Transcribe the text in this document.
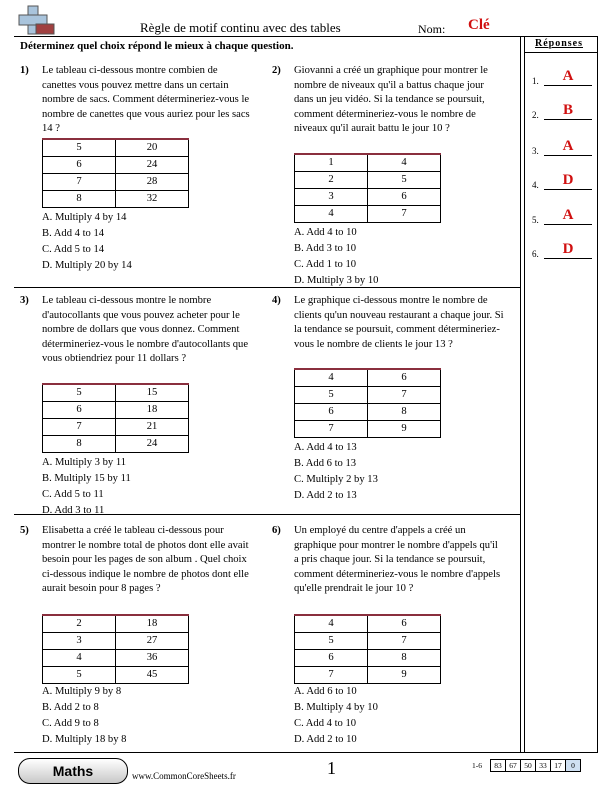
Règle de motif continu avec des tables	Nom: Clé
Déterminez quel choix répond le mieux à chaque question.	Réponses
1.	A
2.	B
3.	A
4.	D
5.	A
6.	D
1) Le tableau ci-dessous montre combien de canettes vous pouvez mettre dans un certain nombre de sacs. Comment détermineriez-vous le nombre de canettes que vous auriez pour les sacs 14 ?
5	20
6	24
7	28
8	32
A. Multiply 4 by 14
B. Add 4 to 14
C. Add 5 to 14
D. Multiply 20 by 14
2) Giovanni a créé un graphique pour montrer le nombre de niveaux qu'il a battus chaque jour dans un jeu vidéo. Si la tendance se poursuit, comment détermineriez-vous le nombre de niveaux qu'il aurait battu le jour 10 ?
1	4
2	5
3	6
4	7
A. Add 4 to 10
B. Add 3 to 10
C. Add 1 to 10
D. Multiply 3 by 10
3) Le tableau ci-dessous montre le nombre d'autocollants que vous pouvez acheter pour le nombre de dollars que vous donnez. Comment détermineriez-vous le nombre d'autocollants que vous obtiendriez pour 11 dollars ?
5	15
6	18
7	21
8	24
A. Multiply 3 by 11
B. Multiply 15 by 11
C. Add 5 to 11
D. Add 3 to 11
4) Le graphique ci-dessous montre le nombre de clients qu'un nouveau restaurant a chaque jour. Si la tendance se poursuit, comment détermineriez-vous le nombre de clients le jour 13 ?
4	6
5	7
6	8
7	9
A. Add 4 to 13
B. Add 6 to 13
C. Multiply 2 by 13
D. Add 2 to 13
5) Elisabetta a créé le tableau ci-dessous pour montrer le nombre total de photos dont elle avait besoin pour les pages de son album . Quel choix ci-dessous indique le nombre de photos dont elle aurait besoin pour 8 pages ?
2	18
3	27
4	36
5	45
A. Multiply 9 by 8
B. Add 2 to 8
C. Add 9 to 8
D. Multiply 18 by 8
6) Un employé du centre d'appels a créé un graphique pour montrer le nombre d'appels qu'il a pris chaque jour. Si la tendance se poursuit, comment détermineriez-vous le nombre d'appels qu'elle prendrait le jour 10 ?
4	6
5	7
6	8
7	9
A. Add 6 to 10
B. Multiply 4 by 10
C. Add 4 to 10
D. Add 2 to 10
Maths	www.CommonCoreSheets.fr	1	1-6	83	67	50	33	17	0
